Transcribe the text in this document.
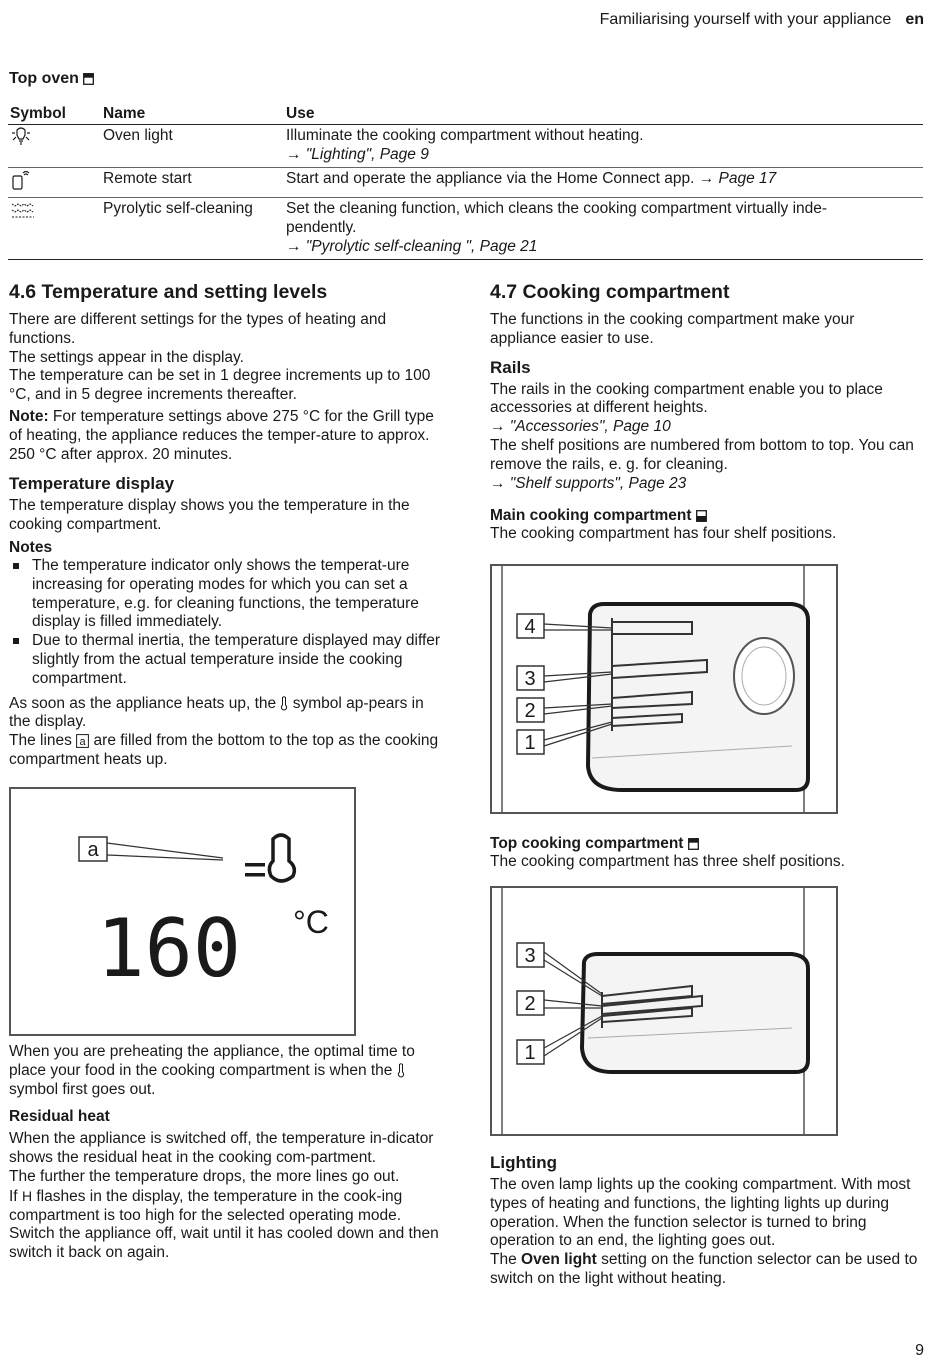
Familiarising yourself with your appliance en
Top oven
Symbol	Name	Use
	Oven light	Illuminate the cooking compartment without heating.
→ "Lighting", Page 9

	Remote start	Start and operate the appliance via the Home Connect app. → Page 17
	Pyrolytic self-cleaning	Set the cleaning function, which cleans the cooking compartment virtually inde-
pendently.
→ "Pyrolytic self-cleaning ", Page 21
4.6 Temperature and setting levels

There are different settings for the types of heating and functions.

The settings appear in the display.

The temperature can be set in 1 degree increments up to 100 °C, and in 5 degree increments thereafter.

Note: For temperature settings above 275 °C for the Grill type of heating, the appliance reduces the temper-ature to approx. 250 °C after approx. 20 minutes.

Temperature display

The temperature display shows you the temperature in the cooking compartment.

Notes
The temperature indicator only shows the temperat-ure increasing for operating modes for which you can set a temperature, e.g. for cleaning functions, the temperature display is filled immediately.
Due to thermal inertia, the temperature displayed may differ slightly from the actual temperature inside the cooking compartment.

As soon as the appliance heats up, the symbol ap-pears in the display.

The lines a are filled from the bottom to the top as the cooking compartment heats up.

a
160 °C

When you are preheating the appliance, the optimal time to place your food in the cooking compartment is when the  symbol first goes out.

Residual heat

When the appliance is switched off, the temperature in-dicator shows the residual heat in the cooking com-partment.

The further the temperature drops, the more lines go out.

If H flashes in the display, the temperature in the cook-ing compartment is too high for the selected operating mode. Switch the appliance off, wait until it has cooled down and then switch it back on again.

4.7 Cooking compartment

The functions in the cooking compartment make your appliance easier to use.

Rails

The rails in the cooking compartment enable you to place accessories at different heights.

→ "Accessories", Page 10

The shelf positions are numbered from bottom to top. You can remove the rails, e. g. for cleaning.

→ "Shelf supports", Page 23

Main cooking compartment

The cooking compartment has four shelf positions.

4
3
2
1
Top cooking compartment

The cooking compartment has three shelf positions.

3
2
1
Lighting

The oven lamp lights up the cooking compartment. With most types of heating and functions, the lighting lights up during operation. When the function selector is turned to bring operation to an end, the lighting goes out.

The Oven light setting on the function selector can be used to switch on the light without heating.

9
